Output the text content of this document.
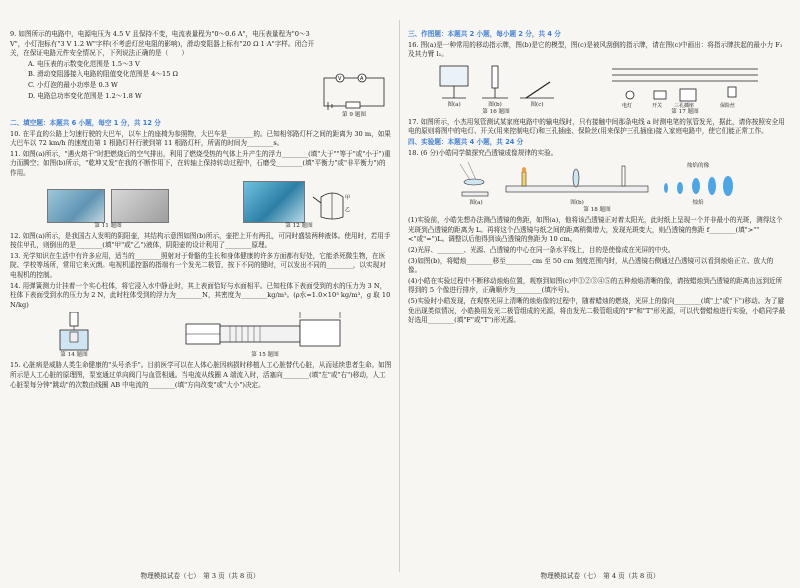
9. 如图所示的电路中，电源电压为 4.5 V 且保持不变，电流表量程为"0～0.6 A"，电压表量程为"0～3 V"，小灯泡标有"3 V 1.2 W"字样(不考虑灯丝电阻的影响)，滑动变阻器上标有"20 Ω 1 A"字样。闭合开关，在保证电路元件安全情况下，下列说法正确的是（　　）

A. 电压表的示数变化范围是 1.5～3 V

B. 滑动变阻器接入电路的阻值变化范围是 4～15 Ω

C. 小灯泡的最小功率是 0.3 W

D. 电路总功率变化范围是 1.2～1.8 W

V	A
第 9 题图

二、填空题：本题共 6 小题，每空 1 分，共 12 分

10. 在平直的公路上匀速行驶的大巴车，以车上的座椅为参照物，大巴车是________的。已知相邻路灯杆之间的距离为 30 m，如果大巴车以 72 km/h 的速度由第 1 根路灯杆行驶到第 11 根路灯杆，所需的时间为________s。

11. 如图(a)所示，"遇火熔干"时把燃烧后的空气排出，利用了燃烧受热的气体上升产生的浮力________(填"大于""等于"或"小于")重力而腾空；如图(b)所示，"乾坤又发"在我的不断作用下，在转轴上保持转动过程中，石磨受________(填"平衡力"或"非平衡力")的作用。

第 11 题图
甲
乙
第 12 题图

12. 如图(a)所示，是我国古人发明的阴阳壶，其结构示意图如图(b)所示，壶把上开有两孔，可同时盛装两种液体。使用时，若用手按住甲孔，则倒出的是________(填"甲"或"乙")液体，阴阳壶的设计利用了________原理。

13. 光学知识在生活中有许多应用，适当的________照射对于骨骼的生长和身体健康的许多方面都有好处，它能杀死微生物，在医院、学校等场所，常用它来灭菌。电视机遥控器的指端有一个发光二极管，按下不同的键时，可以发出不同的________，以实现对电视机的控制。

14. 用弹簧测力计挂着一个实心柱体，将它浸入水中静止时，其上表面恰好与水面相平。已知柱体下表面受到的水的压力为 3 N，柱体下表面受到水的压力为 2 N，此时柱体受到的浮力为________N，其密度为________kg/m³。(ρ水=1.0×10³ kg/m³，g 取 10 N/kg)

第 14 题图	第 15 题图

15. 心脏病是威胁人类生命健康的"头号杀手"。目前医学可以在人体心脏因病损时移植人工心脏替代心脏，从而延续患者生命。如图所示是人工心脏的原理图，泵室通过单向阀门与血管相通。当电流从线圈 A 端流入时，活塞向________(填"左"或"右")移动，人工心脏泵每分钟"跳动"的次数由线圈 AB 中电流的________(填"方向改变"或"大小")决定。

物理模拟试卷（七）　第 3 页（共 8 页）

三、作图题：本题共 2 小题，每小题 2 分，共 4 分

16. 图(a)是一种常用的移动指示牌，图(b)是它的模型，图(c)是被风刮倒的指示牌，请在图(c)中画出：将指示牌扶起的最小力 F₁ 及其力臂 l₁。

图(a)	图(b)	图(c)
第 16 题图
电灯	开关 三孔插座	保险丝
第 17 题图

17. 如图所示，小杰用氖管测试某家庭电路中的输电线时，只有接触中间那条电线 a 时测电笔的氖管发光，据此，请你按照安全用电的原则将图中的电灯、开关(用来控制电灯)和三孔插座、保险丝(用来保护三孔插座)接入家庭电路中，使它们能正常工作。

四、实验题：本题共 4 小题，共 24 分

18. (6 分)小皓同学做探究凸透镜成像规律的实验。

图(a)	图(b)
烛焰的像
烛焰
第 18 题图

(1)实验前，小皓先想办法测凸透镜的焦距，如图(a)，他将该凸透镜正对着太阳光，此时纸上呈现一个并非最小的光斑，测得这个光斑到凸透镜的距离为 L。再将这个凸透镜与纸之间的距离稍微增大，发现光斑变大，则凸透镜的焦距 f________(填">""<"或"=")L。调整以后他得到该凸透镜的焦距为 10 cm。

(2)光屏、________、光源、凸透镜的中心在同一条水平线上，目的是使像成在光屏的中央。

(3)如图(b)，将蜡烛________移至________cm 至 50 cm 刻度范围内时，从凸透镜右侧通过凸透镜可以看到烛焰正立、放大的像。

(4)小皓在实验过程中不断移动烛焰位置，观察到如图(c)中①②③④⑤的五种烛焰清晰的像，请按蜡烛到凸透镜的距离由远到近所得到的 5 个像进行排序，正确顺序为________(填序号)。

(5)实验时小皓发现，在观察光屏上清晰的烛焰像的过程中，随着蜡烛的燃烧，光屏上的像向________(填"上"或"下")移动。为了避免出现类似情况，小皓换用发光二极管组成的光源，将由发光二极管组成的"F"和"T"形光源，可以代替蜡烛进行实验，小皓同学最好选用________(填"F"或"T")形光源。

物理模拟试卷（七）　第 4 页（共 8 页）
